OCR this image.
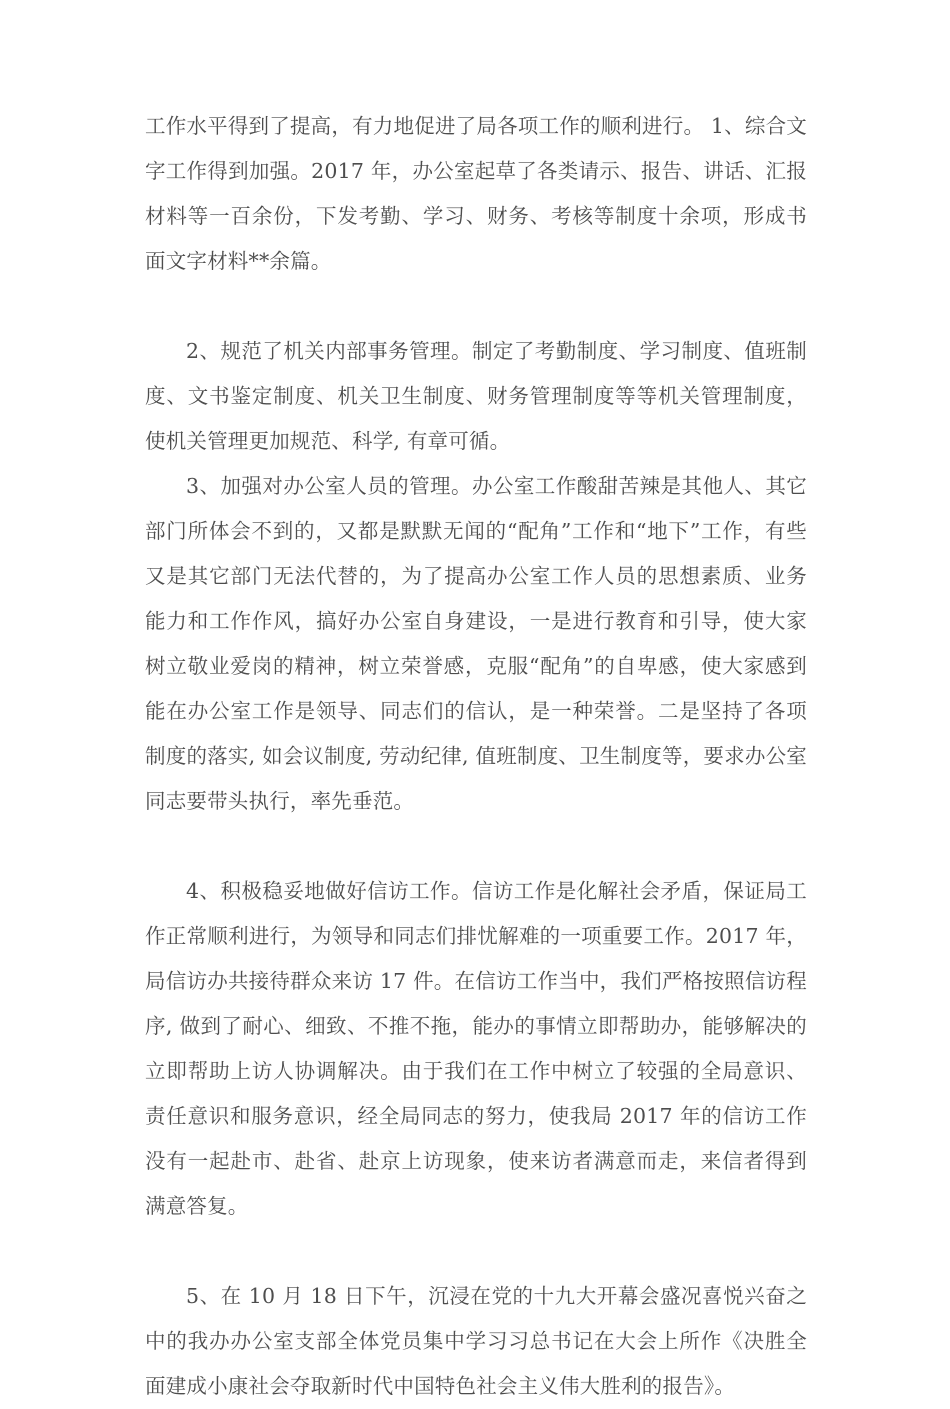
工作水平得到了提高，有力地促进了局各项工作的顺利进行。 1、综合文字工作得到加强。2017 年，办公室起草了各类请示、报告、讲话、汇报材料等一百余份，下发考勤、学习、财务、考核等制度十余项，形成书面文字材料**余篇。

2、规范了机关内部事务管理。制定了考勤制度、学习制度、值班制度、文书鉴定制度、机关卫生制度、财务管理制度等等机关管理制度，使机关管理更加规范、科学, 有章可循。

3、加强对办公室人员的管理。办公室工作酸甜苦辣是其他人、其它部门所体会不到的，又都是默默无闻的“配角”工作和“地下”工作，有些又是其它部门无法代替的，为了提高办公室工作人员的思想素质、业务能力和工作作风，搞好办公室自身建设，一是进行教育和引导，使大家树立敬业爱岗的精神，树立荣誉感，克服“配角”的自卑感，使大家感到能在办公室工作是领导、同志们的信认，是一种荣誉。二是坚持了各项制度的落实, 如会议制度, 劳动纪律, 值班制度、卫生制度等，要求办公室同志要带头执行，率先垂范。

4、积极稳妥地做好信访工作。信访工作是化解社会矛盾，保证局工作正常顺利进行，为领导和同志们排忧解难的一项重要工作。2017 年，局信访办共接待群众来访 17 件。在信访工作当中，我们严格按照信访程序, 做到了耐心、细致、不推不拖，能办的事情立即帮助办，能够解决的立即帮助上访人协调解决。由于我们在工作中树立了较强的全局意识、责任意识和服务意识，经全局同志的努力，使我局 2017 年的信访工作没有一起赴市、赴省、赴京上访现象，使来访者满意而走，来信者得到满意答复。

5、在 10 月 18 日下午，沉浸在党的十九大开幕会盛况喜悦兴奋之中的我办办公室支部全体党员集中学习习总书记在大会上所作《决胜全面建成小康社会夺取新时代中国特色社会主义伟大胜利的报告》。
